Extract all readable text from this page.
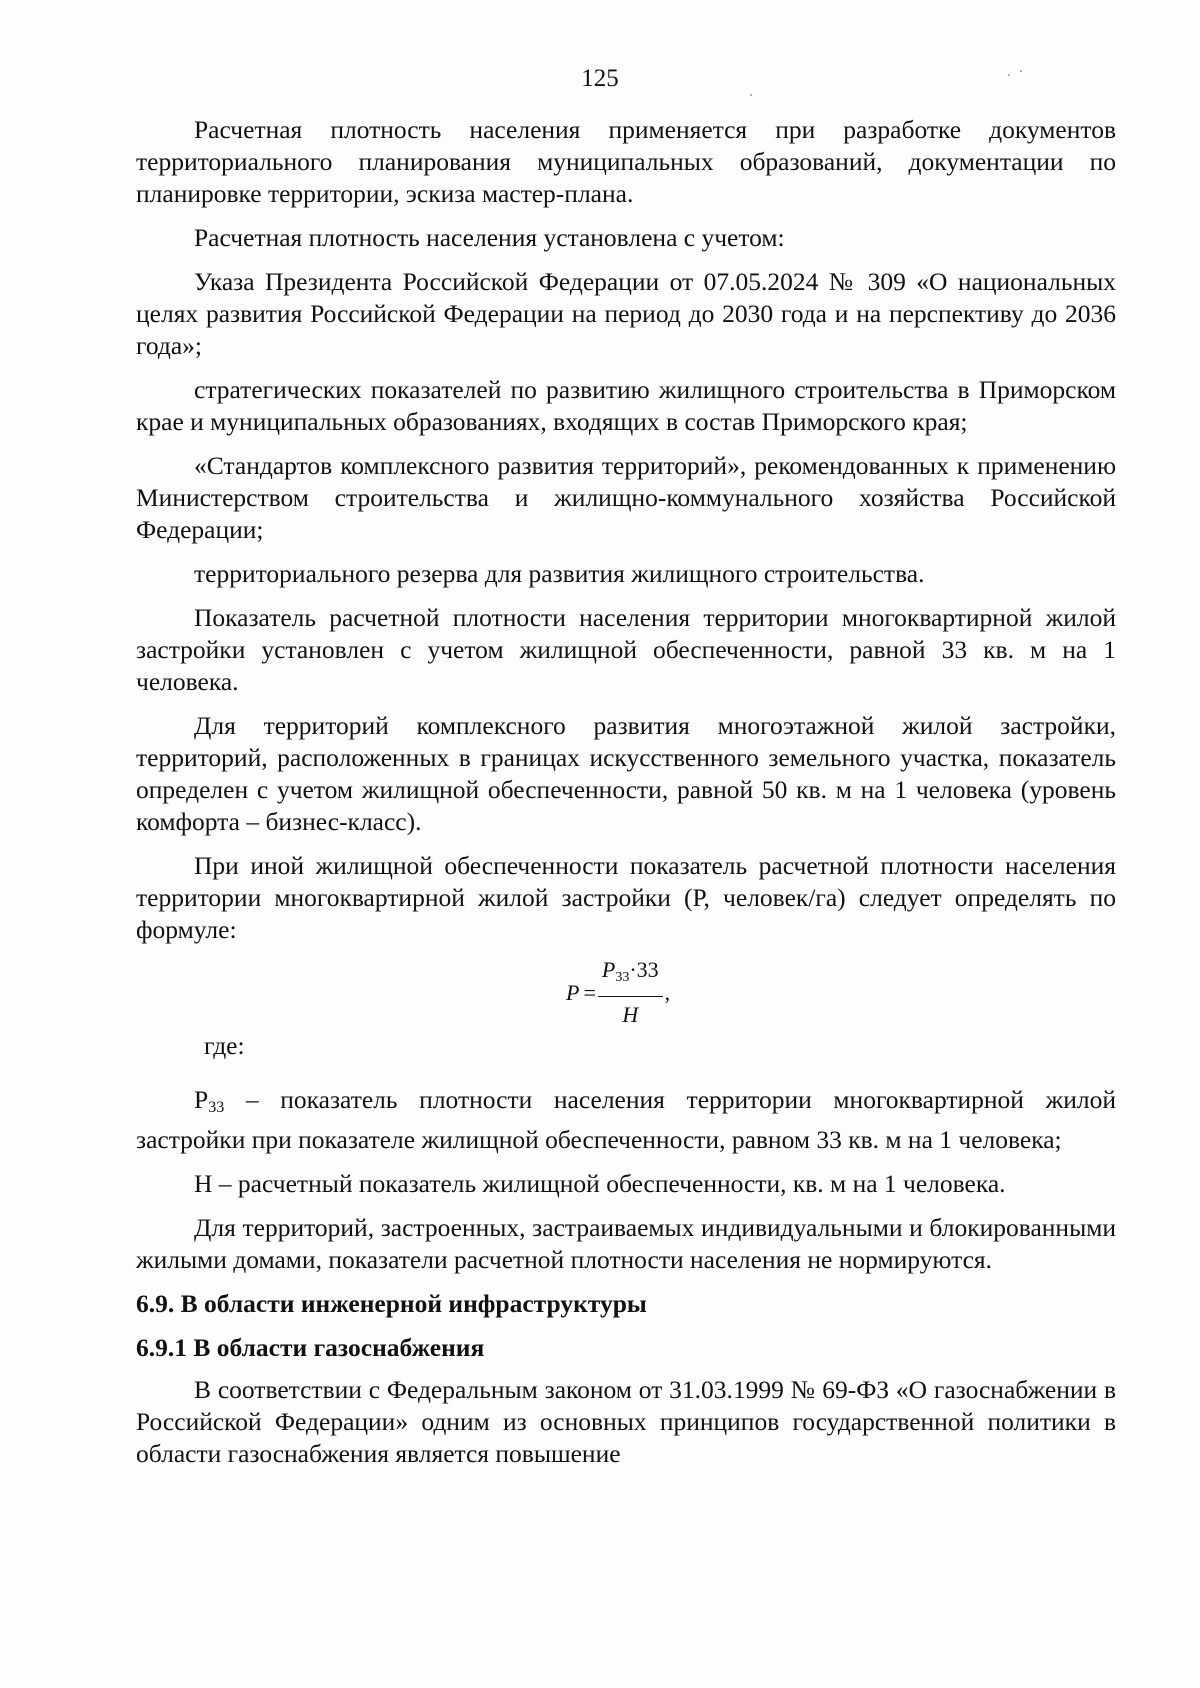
125

Расчетная плотность населения применяется при разработке документов территориального планирования муниципальных образований, документации по планировке территории, эскиза мастер-плана.

Расчетная плотность населения установлена с учетом:

Указа Президента Российской Федерации от 07.05.2024 № 309 «О национальных целях развития Российской Федерации на период до 2030 года и на перспективу до 2036 года»;

стратегических показателей по развитию жилищного строительства в Приморском крае и муниципальных образованиях, входящих в состав Приморского края;

«Стандартов комплексного развития территорий», рекомендованных к применению Министерством строительства и жилищно-коммунального хозяйства Российской Федерации;

территориального резерва для развития жилищного строительства.

Показатель расчетной плотности населения территории многоквартирной жилой застройки установлен с учетом жилищной обеспеченности, равной 33 кв. м на 1 человека.

Для территорий комплексного развития многоэтажной жилой застройки, территорий, расположенных в границах искусственного земельного участка, показатель определен с учетом жилищной обеспеченности, равной 50 кв. м на 1 человека (уровень комфорта – бизнес-класс).

При иной жилищной обеспеченности показатель расчетной плотности населения территории многоквартирной жилой застройки (Р, человек/га) следует определять по формуле:

$P = \frac{P33\cdot 33}{H}$ ,

где:

Р33 – показатель плотности населения территории многоквартирной жилой застройки при показателе жилищной обеспеченности, равном 33 кв. м на 1 человека;

Н – расчетный показатель жилищной обеспеченности, кв. м на 1 человека.

Для территорий, застроенных, застраиваемых индивидуальными и блокированными жилыми домами, показатели расчетной плотности населения не нормируются.

6.9. В области инженерной инфраструктуры

6.9.1 В области газоснабжения

В соответствии с Федеральным законом от 31.03.1999 № 69-ФЗ «О газоснабжении в Российской Федерации» одним из основных принципов государственной политики в области газоснабжения является повышение
